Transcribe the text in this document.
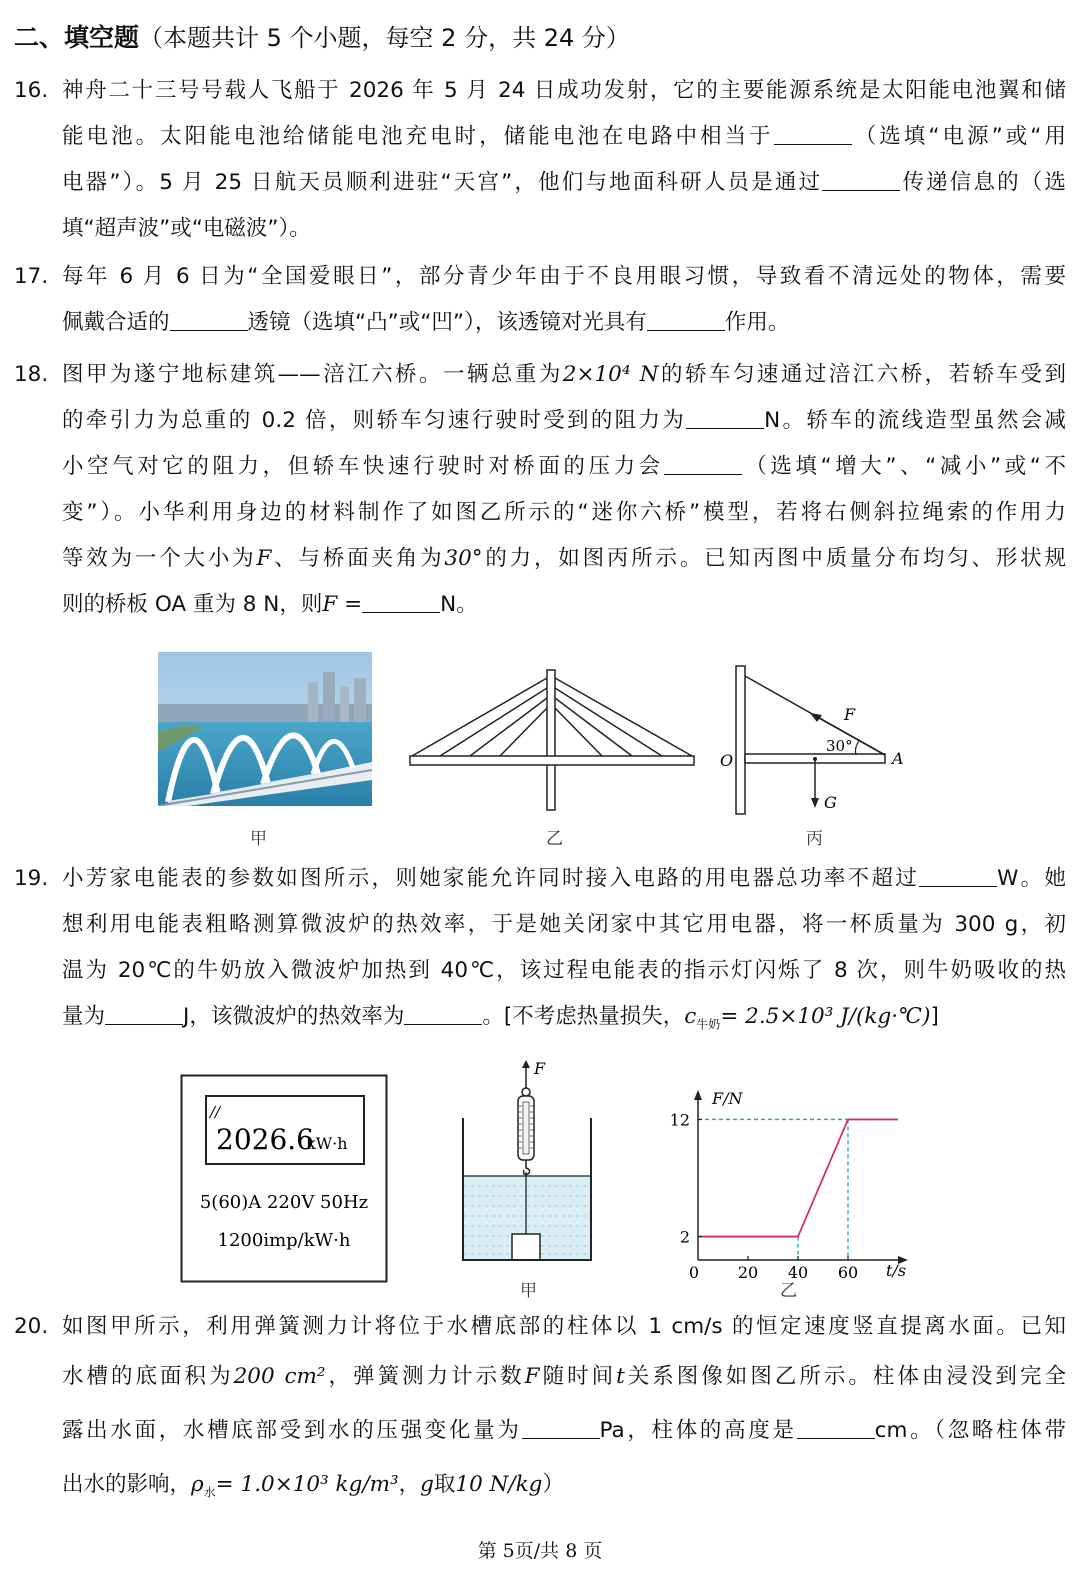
二、填空题（本题共计 5 个小题，每空 2 分，共 24 分）
16. 神舟二十三号号载人飞船于 2026 年 5 月 24 日成功发射，它的主要能源系统是太阳能电池翼和储
能电池。太阳能电池给储能电池充电时，储能电池在电路中相当于	（选填“电源”或“用
电器”）。5 月 25 日航天员顺利进驻“天宫”，他们与地面科研人员是通过	传递信息的（选
填“超声波”或“电磁波”）。
17. 每年 6 月 6 日为“全国爱眼日”，部分青少年由于不良用眼习惯，导致看不清远处的物体，需要
佩戴合适的	透镜（选填“凸”或“凹”），该透镜对光具有	作用。
18. 图甲为遂宁地标建筑——涪江六桥。一辆总重为2×10⁴ N的轿车匀速通过涪江六桥，若轿车受到
的牵引力为总重的 0.2 倍，则轿车匀速行驶时受到的阻力为	N。轿车的流线造型虽然会减
小空气对它的阻力，但轿车快速行驶时对桥面的压力会	（选填“增大”、“减小”或“不
变”）。小华利用身边的材料制作了如图乙所示的“迷你六桥”模型，若将右侧斜拉绳索的作用力
等效为一个大小为F、与桥面夹角为30°的力，如图丙所示。已知丙图中质量分布均匀、形状规
则的桥板 OA 重为 8 N，则F =	N。
甲	乙
F
30°
O	A
G
丙
19. 小芳家电能表的参数如图所示，则她家能允许同时接入电路的用电器总功率不超过	W。她
想利用电能表粗略测算微波炉的热效率，于是她关闭家中其它用电器，将一杯质量为 300 g，初
温为 20℃的牛奶放入微波炉加热到 40℃，该过程电能表的指示灯闪烁了 8 次，则牛奶吸收的热
量为	J，该微波炉的热效率为	。[不考虑热量损失，$c_{牛奶}= 2.5\times 10^3$ J/(kg·℃)]
//
2026.6
kW·h
5(60)A 220V 50Hz
1200imp/kW·h
F
甲
F/N
t/s
0 20 40 60
2
12
乙
20. 如图甲所示，利用弹簧测力计将位于水槽底部的柱体以 1 cm/s 的恒定速度竖直提离水面。已知
水槽的底面积为200 cm²，弹簧测力计示数F随时间t关系图像如图乙所示。柱体由浸没到完全
露出水面，水槽底部受到水的压强变化量为	Pa，柱体的高度是	cm。（忽略柱体带
出水的影响，$\rho_水= 1.0\times 10^3$ kg/m³，g取10 N/kg）
第 5页/共 8 页
